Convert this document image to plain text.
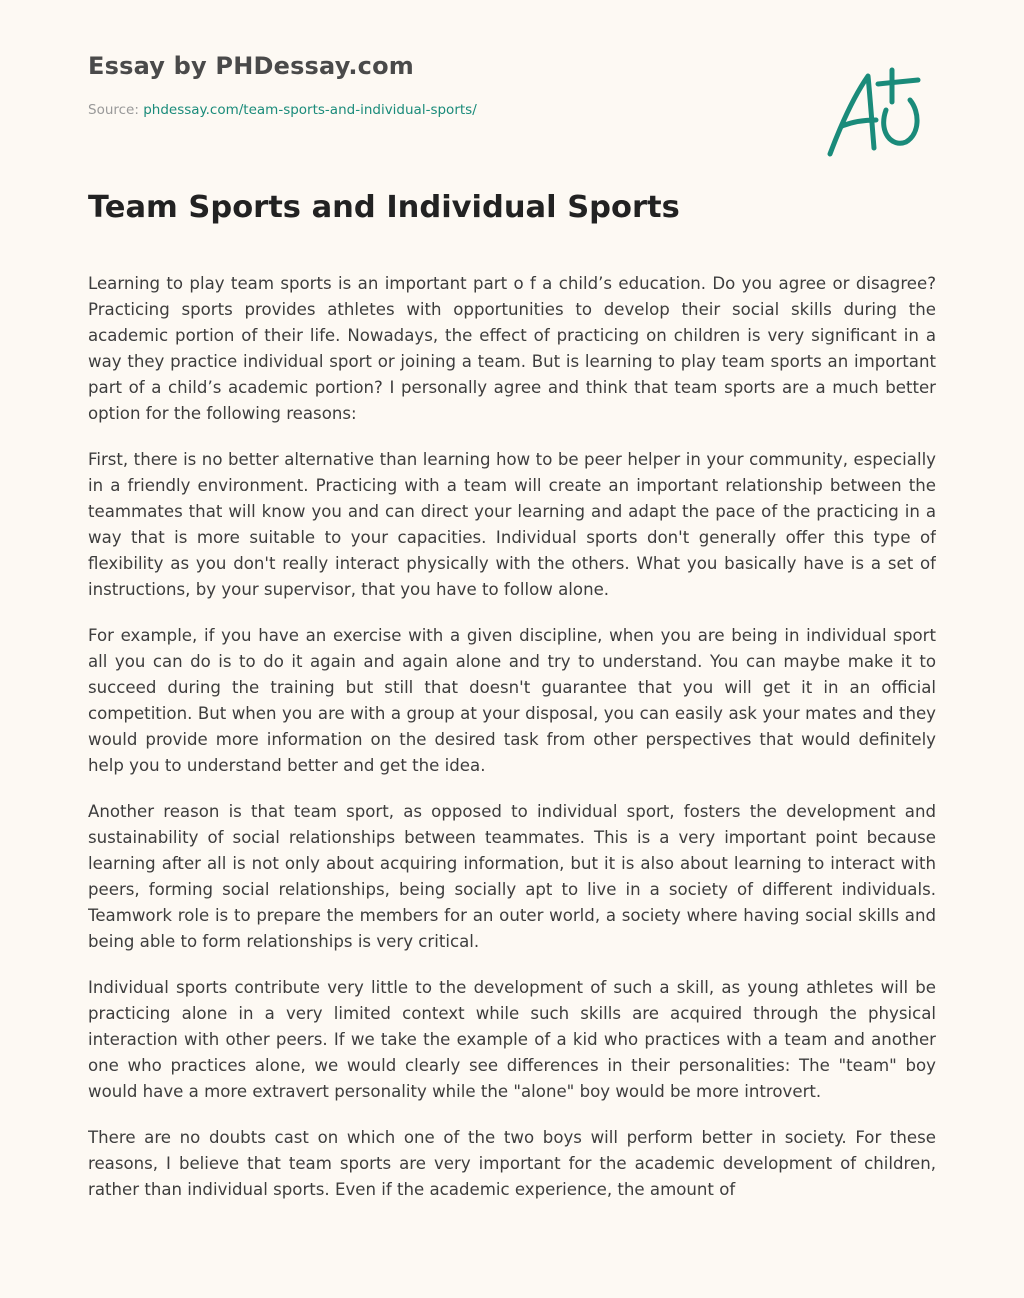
Essay by PHDessay.com
Source: phdessay.com/team-sports-and-individual-sports/
Team Sports and Individual Sports

Learning to play team sports is an important part o f a child’s education. Do you agree or disagree? Practicing sports provides athletes with opportunities to develop their social skills during the academic portion of their life. Nowadays, the effect of practicing on children is very significant in a way they practice individual sport or joining a team. But is learning to play team sports an important part of a child’s academic portion? I personally agree and think that team sports are a much better option for the following reasons:

First, there is no better alternative than learning how to be peer helper in your community, especially in a friendly environment. Practicing with a team will create an important relationship between the teammates that will know you and can direct your learning and adapt the pace of the practicing in a way that is more suitable to your capacities. Individual sports don't generally offer this type of flexibility as you don't really interact physically with the others. What you basically have is a set of instructions, by your supervisor, that you have to follow alone.

For example, if you have an exercise with a given discipline, when you are being in individual sport all you can do is to do it again and again alone and try to understand. You can maybe make it to succeed during the training but still that doesn't guarantee that you will get it in an official competition. But when you are with a group at your disposal, you can easily ask your mates and they would provide more information on the desired task from other perspectives that would definitely help you to understand better and get the idea.

Another reason is that team sport, as opposed to individual sport, fosters the development and sustainability of social relationships between teammates. This is a very important point because learning after all is not only about acquiring information, but it is also about learning to interact with peers, forming social relationships, being socially apt to live in a society of different individuals. Teamwork role is to prepare the members for an outer world, a society where having social skills and being able to form relationships is very critical.

Individual sports contribute very little to the development of such a skill, as young athletes will be practicing alone in a very limited context while such skills are acquired through the physical interaction with other peers. If we take the example of a kid who practices with a team and another one who practices alone, we would clearly see differences in their personalities: The "team" boy would have a more extravert personality while the "alone" boy would be more introvert.

There are no doubts cast on which one of the two boys will perform better in society. For these reasons, I believe that team sports are very important for the academic development of children, rather than individual sports. Even if the academic experience, the amount of
